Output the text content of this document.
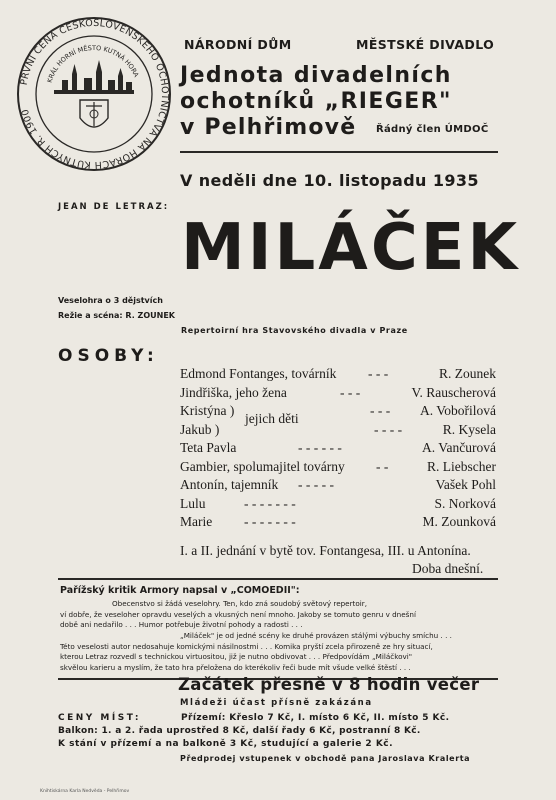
PRVNÍ CENA ČESKOSLOVENSKÉHO OCHOTNICTVA NA HORÁCH KUTNÝCH R. 1900
KRÁL HORNÍ MĚSTO KUTNÁ HORA
NÁRODNÍ DŮM	MĚSTSKÉ DIVADLO
Jednota divadelních
ochotníků „RIEGER"
v Pelhřimově Řádný člen ÚMDOČ
V neděli dne 10. listopadu 1935
JEAN DE LETRAZ:
MILÁČEK
Veselohra o 3 dějstvích
Režie a scéna: R. ZOUNEK
Repertoirní hra Stavovského divadla v Praze
OSOBY:
Edmond Fontanges, továrník - - -	R. Zounek
Jindřiška, jeho žena	- - -	V. Rauscherová
Kristýna )	- - - A. Vobořilová
jejich děti
Jakub )	- - - -	R. Kysela
Teta Pavla	- - - - - -	A. Vančurová
Gambier, spolumajitel továrny - -	R. Liebscher
Antonín, tajemník - - - - -	Vašek Pohl
Lulu	- - - - - - -	S. Norková
Marie - - - - - - -	M. Zounková
I. a II. jednání v bytě tov. Fontangesa, III. u Antonína.
Doba dnešní.
Pařížský kritik Armory napsal v „COMOEDII":
Obecenstvo si žádá veselohry. Ten, kdo zná soudobý světový repertoir,
ví dobře, že veseloher opravdu veselých a vkusných není mnoho. Jakoby se tomuto genru v dnešní
době ani nedařilo . . . Humor potřebuje životní pohody a radosti . . .
„Miláček" je od jedné scény ke druhé provázen stálými výbuchy smíchu . . .
Této veselosti autor nedosahuje komickými násilnostmi . . . Komika pryští zcela přirozeně ze hry situací,
kterou Letraz rozvedl s technickou virtuositou, již je nutno obdivovat . . . Předpovídám „Miláčkovi"
skvělou karieru a myslím, že tato hra přeložena do kterékoliv řeči bude mít všude velké štěstí . . .
Začátek přesně v 8 hodin večer
Mládeži účast přísně zakázána
CENY MÍST:	Přízemí: Křeslo 7 Kč, I. místo 6 Kč, II. místo 5 Kč.
Balkon: 1. a 2. řada uprostřed 8 Kč, další řady 6 Kč, postranní 8 Kč.
K stání v přízemí a na balkoně 3 Kč, studující a galerie 2 Kč.
Předprodej vstupenek v obchodě pana Jaroslava Kralerta
Knihtiskárna Karla Nedvěda - Pelhřimov
